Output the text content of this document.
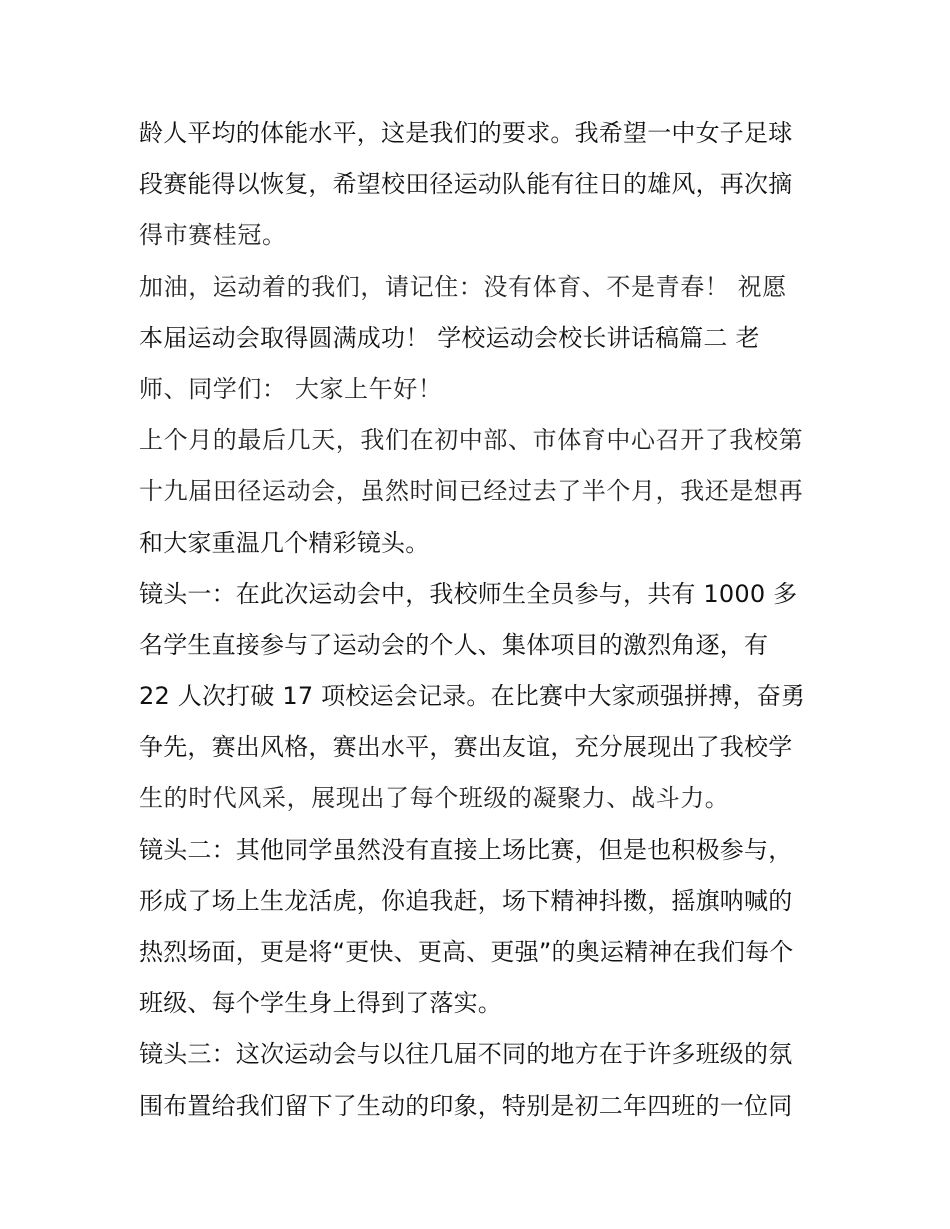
龄人平均的体能水平，这是我们的要求。我希望一中女子足球
段赛能得以恢复，希望校田径运动队能有往日的雄风，再次摘
得市赛桂冠。
加油，运动着的我们，请记住：没有体育、不是青春！ 祝愿
本届运动会取得圆满成功！ 学校运动会校长讲话稿篇二 老
师、同学们： 大家上午好！
上个月的最后几天，我们在初中部、市体育中心召开了我校第
十九届田径运动会，虽然时间已经过去了半个月，我还是想再
和大家重温几个精彩镜头。
镜头一：在此次运动会中，我校师生全员参与，共有 1000 多
名学生直接参与了运动会的个人、集体项目的激烈角逐，有
22 人次打破 17 项校运会记录。在比赛中大家顽强拼搏，奋勇
争先，赛出风格，赛出水平，赛出友谊，充分展现出了我校学
生的时代风采，展现出了每个班级的凝聚力、战斗力。
镜头二：其他同学虽然没有直接上场比赛，但是也积极参与，
形成了场上生龙活虎，你追我赶，场下精神抖擞，摇旗呐喊的
热烈场面，更是将“更快、更高、更强”的奥运精神在我们每个
班级、每个学生身上得到了落实。
镜头三：这次运动会与以往几届不同的地方在于许多班级的氛
围布置给我们留下了生动的印象，特别是初二年四班的一位同
